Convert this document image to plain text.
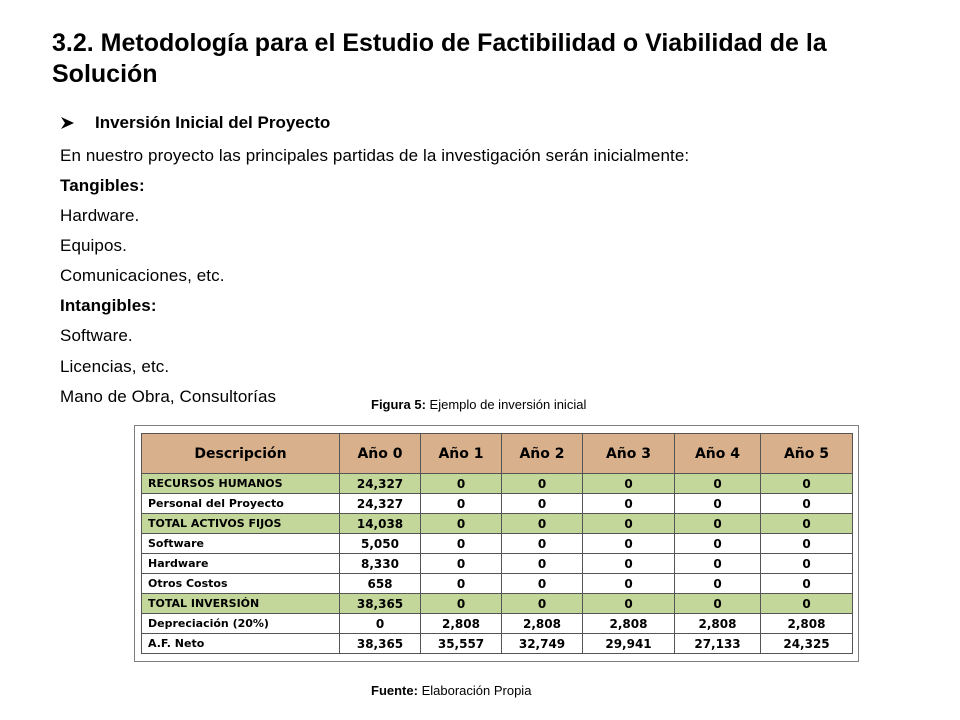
3.2. Metodología para el Estudio de Factibilidad o Viabilidad de la Solución
Inversión Inicial del Proyecto
En nuestro proyecto las principales partidas de la investigación serán inicialmente:
Tangibles:
Hardware.
Equipos.
Comunicaciones, etc.
Intangibles:
Software.
Licencias, etc.
Mano de Obra, Consultorías	Figura 5: Ejemplo de inversión inicial
Descripción	Año 0	Año 1	Año 2	Año 3	Año 4	Año 5
RECURSOS HUMANOS	24,327	0	0	0	0	0
Personal del Proyecto	24,327	0	0	0	0	0
TOTAL ACTIVOS FIJOS	14,038	0	0	0	0	0
Software	5,050	0	0	0	0	0
Hardware	8,330	0	0	0	0	0
Otros Costos	658	0	0	0	0	0
TOTAL INVERSIÓN	38,365	0	0	0	0	0
Depreciación (20%)	0	2,808	2,808	2,808	2,808	2,808
A.F. Neto	38,365	35,557	32,749	29,941	27,133	24,325
Fuente: Elaboración Propia
